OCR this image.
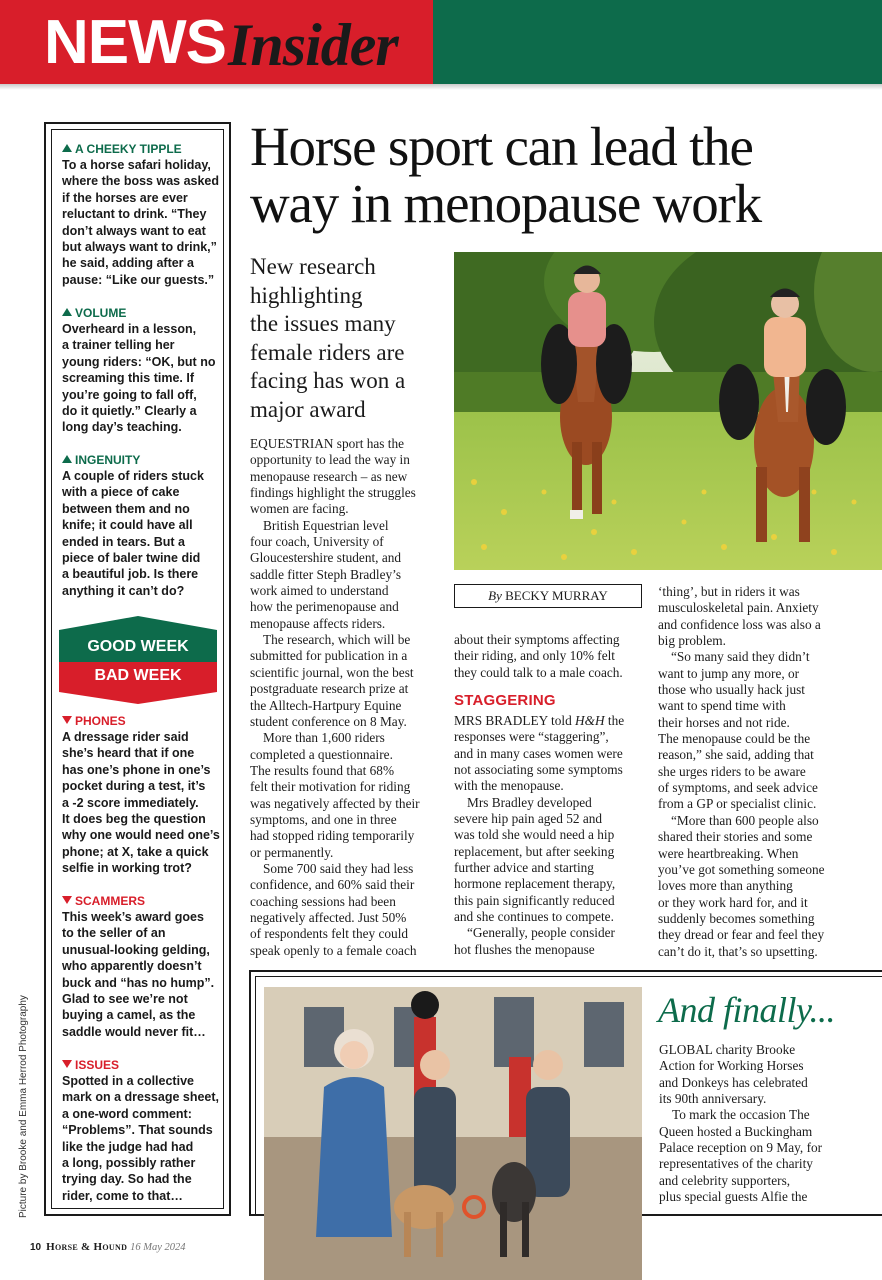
NEWS Insider
A CHEEKY TIPPLE
To a horse safari holiday,
where the boss was asked
if the horses are ever
reluctant to drink. “They
don’t always want to eat
but always want to drink,”
he said, adding after a
pause: “Like our guests.”
VOLUME
Overheard in a lesson,
a trainer telling her
young riders: “OK, but no
screaming this time. If
you’re going to fall off,
do it quietly.” Clearly a
long day’s teaching.
INGENUITY
A couple of riders stuck
with a piece of cake
between them and no
knife; it could have all
ended in tears. But a
piece of baler twine did
a beautiful job. Is there
anything it can’t do?
GOOD WEEK
BAD WEEK
PHONES
A dressage rider said
she’s heard that if one
has one’s phone in one’s
pocket during a test, it’s
a -2 score immediately.
It does beg the question
why one would need one’s
phone; at X, take a quick
selfie in working trot?
SCAMMERS
This week’s award goes
to the seller of an
unusual-looking gelding,
who apparently doesn’t
buck and “has no hump”.
Glad to see we’re not
buying a camel, as the
saddle would never fit…
ISSUES
Spotted in a collective
mark on a dressage sheet,
a one-word comment:
“Problems”. That sounds
like the judge had had
a long, possibly rather
trying day. So had the
rider, come to that…
Picture by Brooke and Emma Herrod Photography
Horse sport can lead the
way in menopause work
New research
highlighting
the issues many
female riders are
facing has won a
major award

EQUESTRIAN sport has the
opportunity to lead the way in
menopause research – as new
findings highlight the struggles
women are facing.

British Equestrian level
four coach, University of
Gloucestershire student, and
saddle fitter Steph Bradley’s
work aimed to understand
how the perimenopause and
menopause affects riders.

The research, which will be
submitted for publication in a
scientific journal, won the best
postgraduate research prize at
the Alltech-Hartpury Equine
student conference on 8 May.

More than 1,600 riders
completed a questionnaire.
The results found that 68%
felt their motivation for riding
was negatively affected by their
symptoms, and one in three
had stopped riding temporarily
or permanently.

Some 700 said they had less
confidence, and 60% said their
coaching sessions had been
negatively affected. Just 50%
of respondents felt they could
speak openly to a female coach

By BECKY MURRAY

about their symptoms affecting
their riding, and only 10% felt
they could talk to a male coach.

STAGGERING

MRS BRADLEY told H&H the
responses were “staggering”,
and in many cases women were
not associating some symptoms
with the menopause.

Mrs Bradley developed
severe hip pain aged 52 and
was told she would need a hip
replacement, but after seeking
further advice and starting
hormone replacement therapy,
this pain significantly reduced
and she continues to compete.

“Generally, people consider
hot flushes the menopause

‘thing’, but in riders it was
musculoskeletal pain. Anxiety
and confidence loss was also a
big problem.

“So many said they didn’t
want to jump any more, or
those who usually hack just
want to spend time with
their horses and not ride.
The menopause could be the
reason,” she said, adding that
she urges riders to be aware
of symptoms, and seek advice
from a GP or specialist clinic.

“More than 600 people also
shared their stories and some
were heartbreaking. When
you’ve got something someone
loves more than anything
or they work hard for, and it
suddenly becomes something
they dread or fear and feel they
can’t do it, that’s so upsetting.

And finally...

GLOBAL charity Brooke
Action for Working Horses
and Donkeys has celebrated
its 90th anniversary.

To mark the occasion The
Queen hosted a Buckingham
Palace reception on 9 May, for
representatives of the charity
and celebrity supporters,
plus special guests Alfie the

10 Horse & Hound 16 May 2024
